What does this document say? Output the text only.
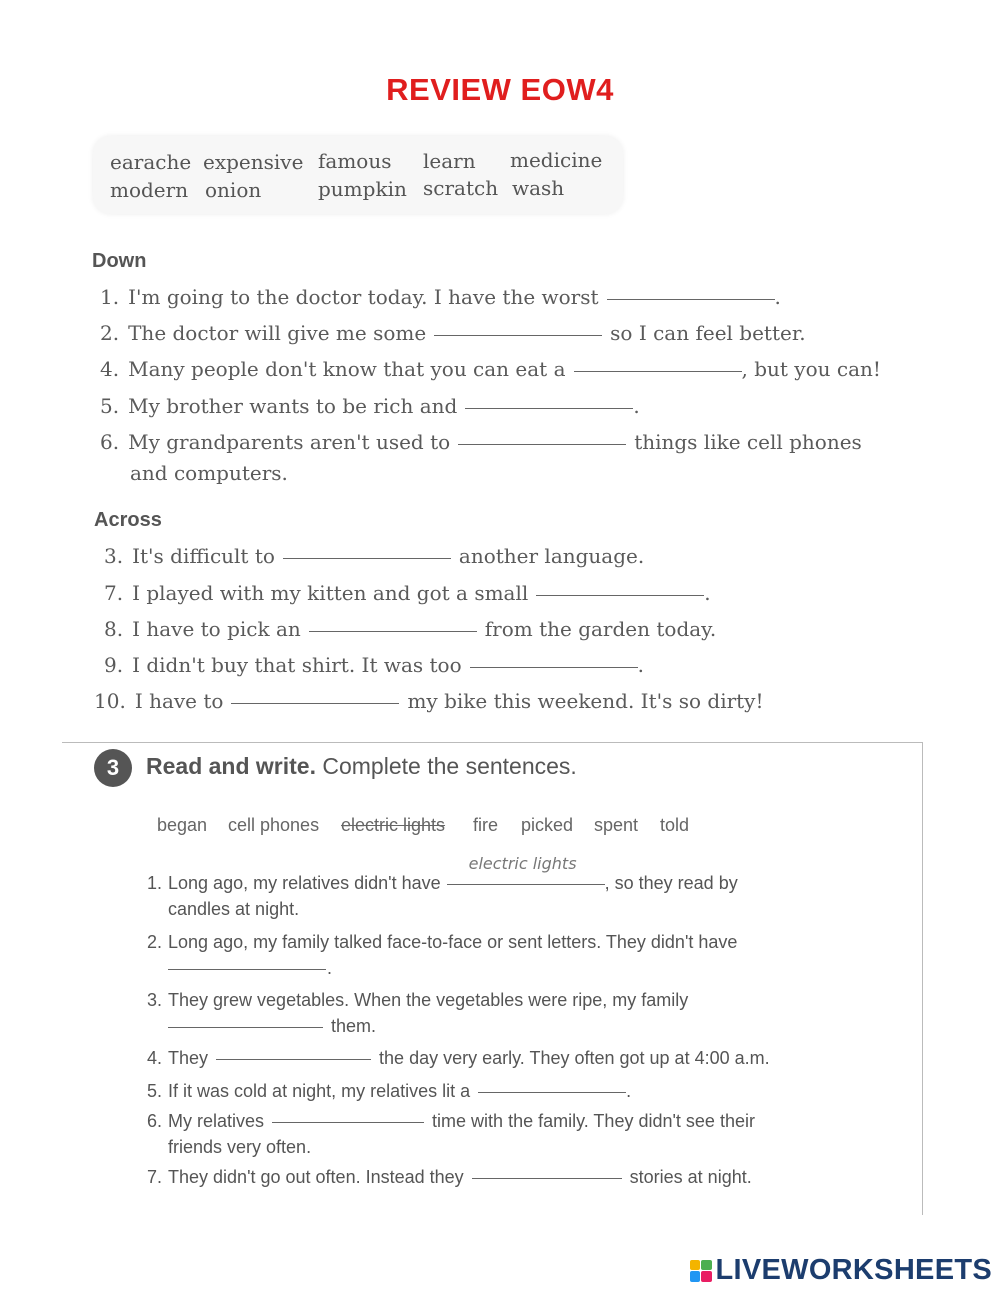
REVIEW EOW4
earache expensive famous learn medicine
modern onion	pumpkin scratch wash
Down
1. I'm going to the doctor today. I have the worst	.
2. The doctor will give me some	so I can feel better.
4. Many people don't know that you can eat a	, but you can!
5. My brother wants to be rich and	.
6. My grandparents aren't used to	things like cell phones
and computers.
Across
3. It's difficult to	another language.
7. I played with my kitten and got a small	.
8. I have to pick an	from the garden today.
9. I didn't buy that shirt. It was too	.
10. I have to	my bike this weekend. It's so dirty!
3	Read and write. Complete the sentences.
began cell phones electric lights fire picked spent told
1. Long ago, my relatives didn't have
electric lights
, so they read by
candles at night.
2. Long ago, my family talked face-to-face or sent letters. They didn't have
.
3. They grew vegetables. When the vegetables were ripe, my family
them.
4. They	the day very early. They often got up at 4:00 a.m.
5. If it was cold at night, my relatives lit a	.
6. My relatives	time with the family. They didn't see their
friends very often.
7. They didn't go out often. Instead they	stories at night.
LIVEWORKSHEETS
